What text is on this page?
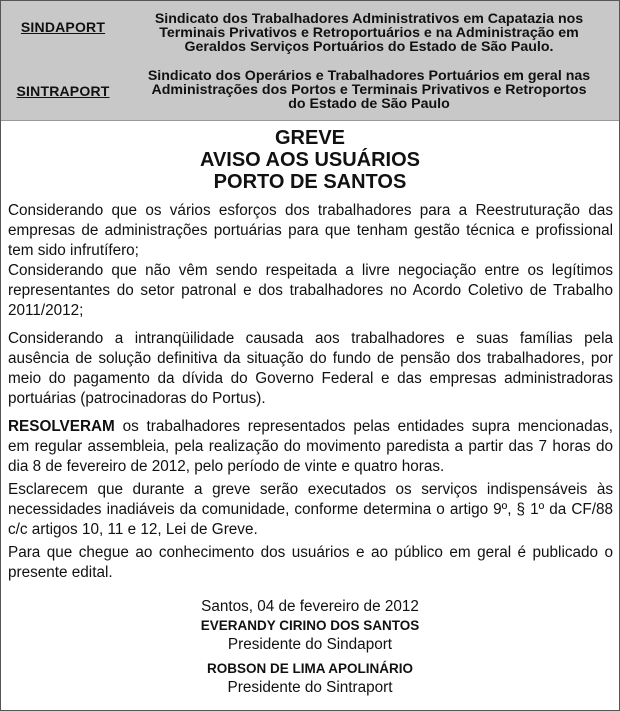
SINDAPORT	Sindicato dos Trabalhadores Administrativos em Capatazia nos
Terminais Privativos e Retroportuários e na Administração em
Geraldos Serviços Portuários do Estado de São Paulo.
SINTRAPORT
Sindicato dos Operários e Trabalhadores Portuários em geral nas
Administrações dos Portos e Terminais Privativos e Retroportos
do Estado de São Paulo
GREVE
AVISO AOS USUÁRIOS
PORTO DE SANTOS

Considerando que os vários esforços dos trabalhadores para a Reestruturação das empresas de administrações portuárias para que tenham gestão técnica e profissional tem sido infrutífero;

Considerando que não vêm sendo respeitada a livre negociação entre os legítimos representantes do setor patronal e dos trabalhadores no Acordo Coletivo de Trabalho 2011/2012;

Considerando a intranqüilidade causada aos trabalhadores e suas famílias pela ausência de solução definitiva da situação do fundo de pensão dos trabalhadores, por meio do pagamento da dívida do Governo Federal e das empresas administradoras portuárias (patrocinadoras do Portus).

RESOLVERAM os trabalhadores representados pelas entidades supra mencionadas, em regular assembleia, pela realização do movimento paredista a partir das 7 horas do dia 8 de fevereiro de 2012, pelo período de vinte e quatro horas.

Esclarecem que durante a greve serão executados os serviços indispensáveis às necessidades inadiáveis da comunidade, conforme determina o artigo 9º, § 1º da CF/88 c/c artigos 10, 11 e 12, Lei de Greve.

Para que chegue ao conhecimento dos usuários e ao público em geral é publicado o presente edital.

Santos, 04 de fevereiro de 2012
EVERANDY CIRINO DOS SANTOS
Presidente do Sindaport
ROBSON DE LIMA APOLINÁRIO
Presidente do Sintraport
